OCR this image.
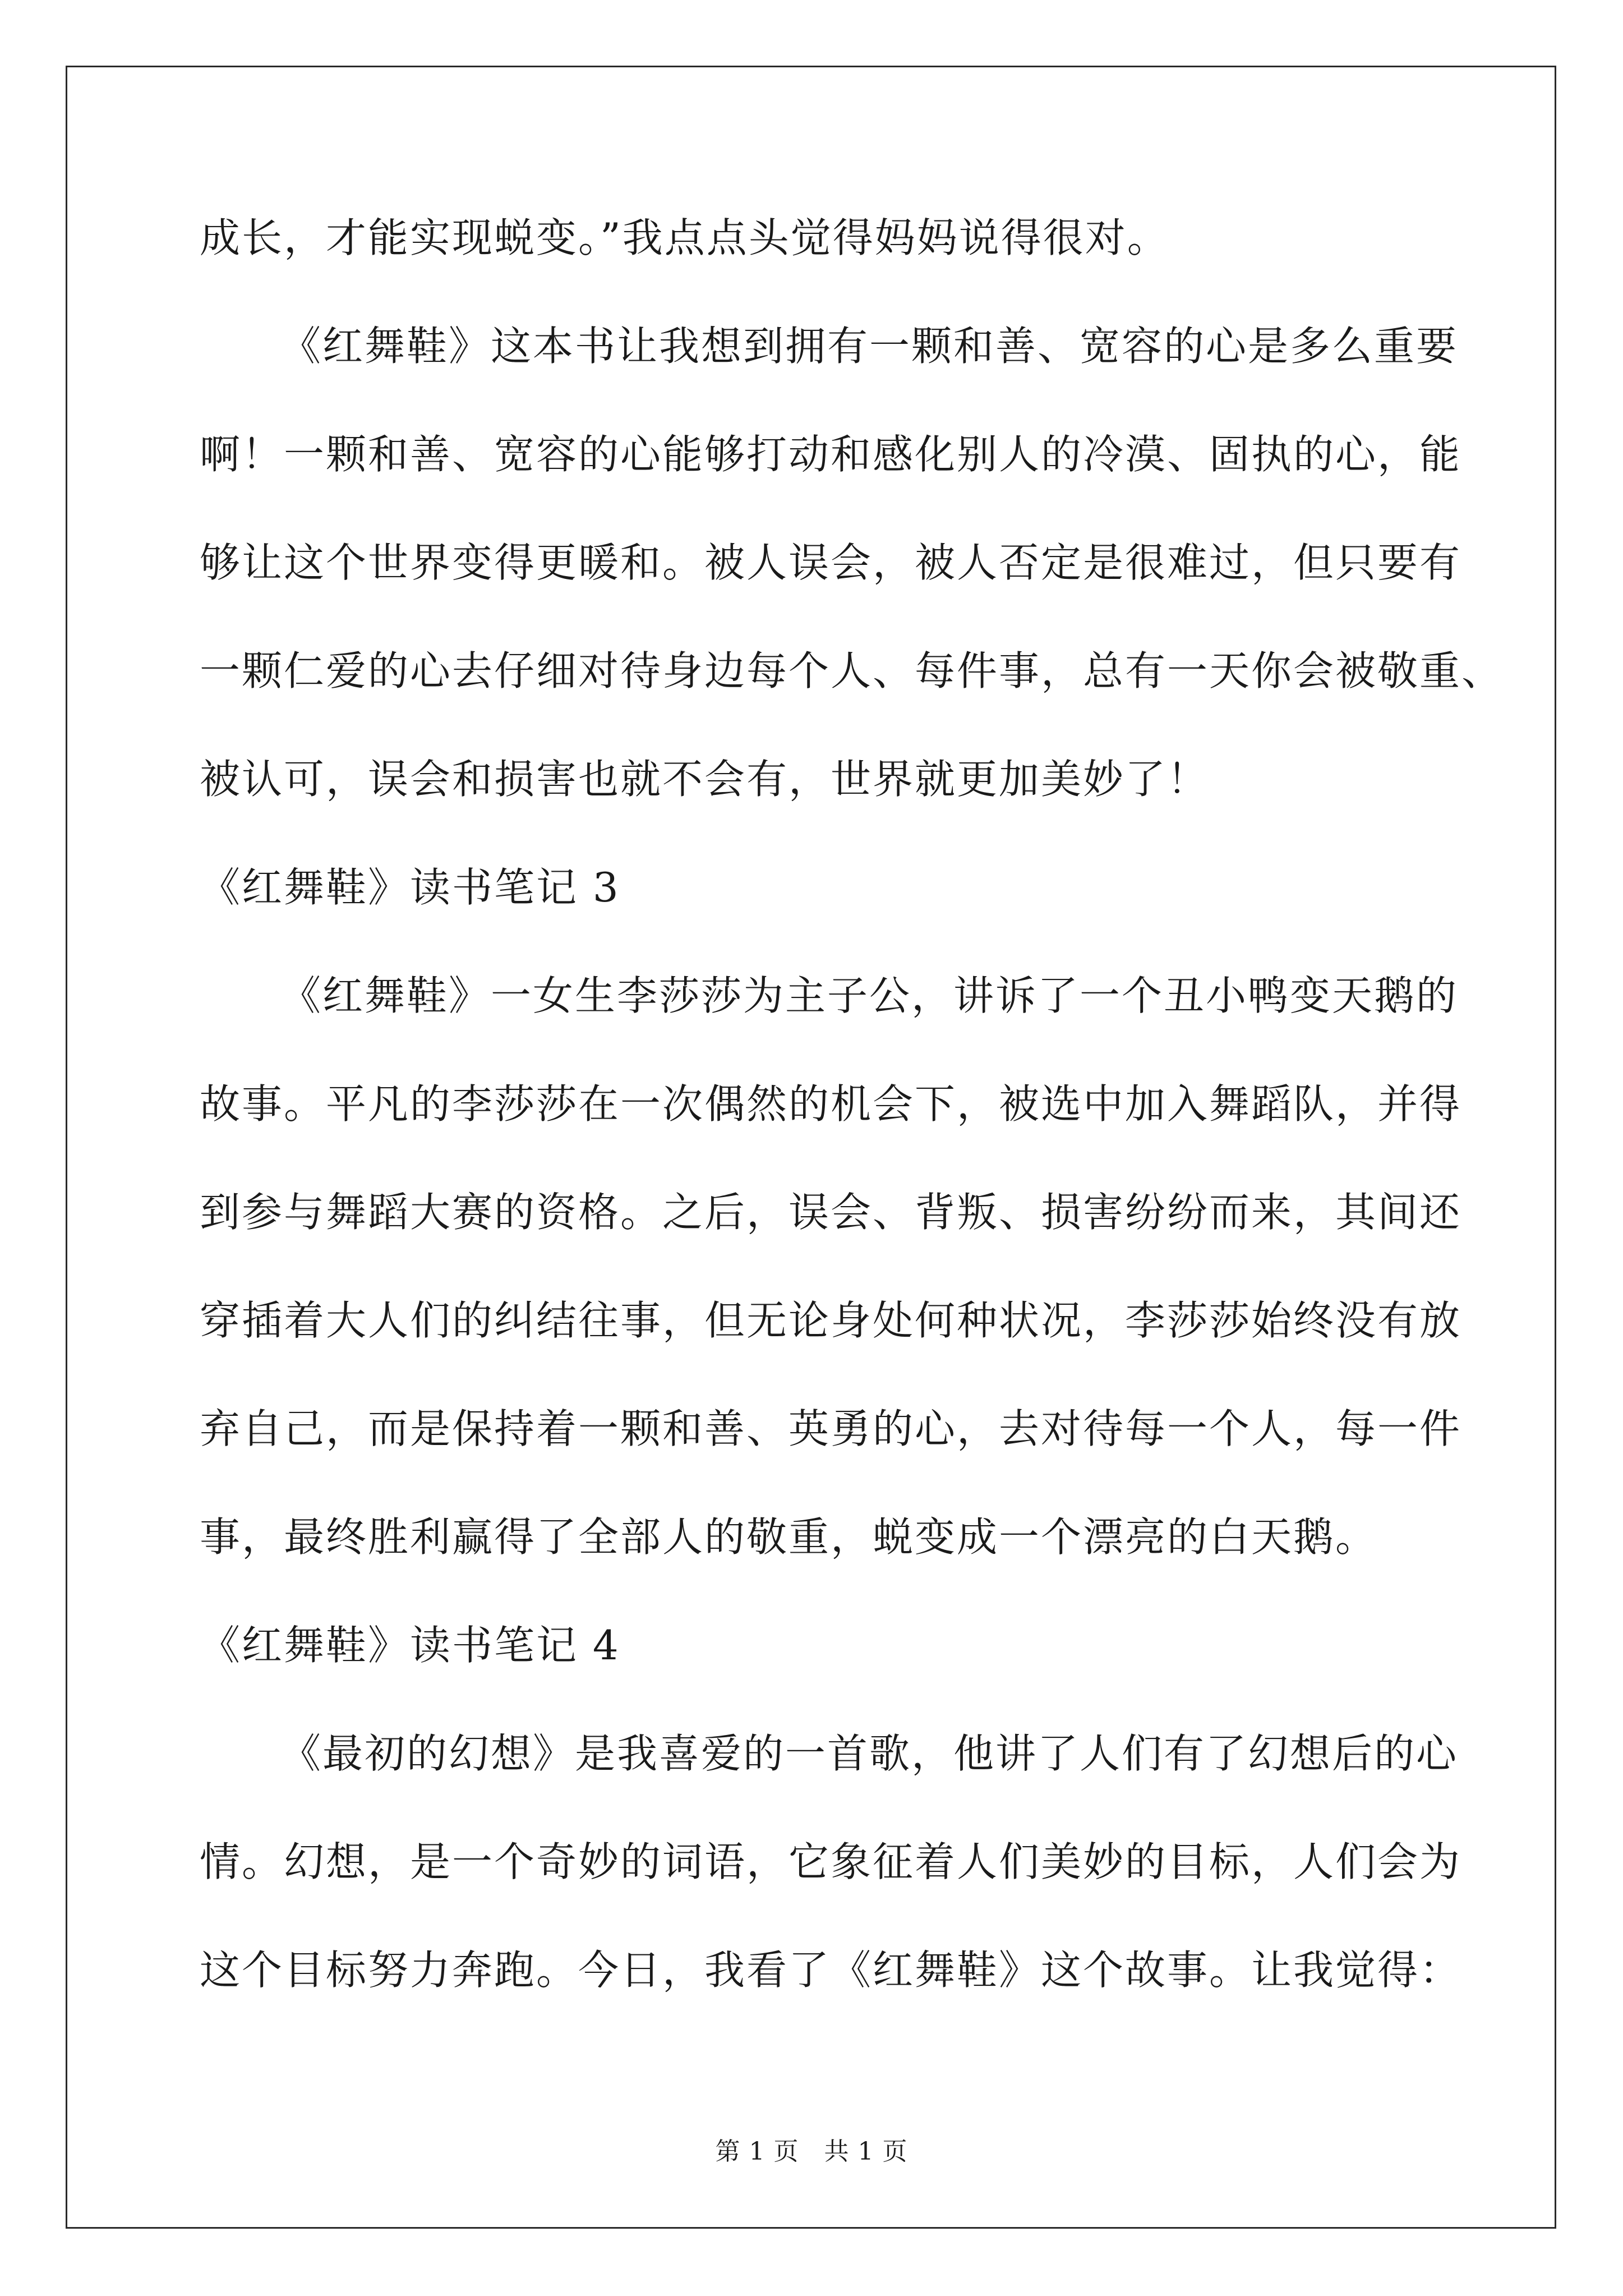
成长，才能实现蜕变。”我点点头觉得妈妈说得很对。
《红舞鞋》这本书让我想到拥有一颗和善、宽容的心是多么重要
啊！一颗和善、宽容的心能够打动和感化别人的冷漠、固执的心，能
够让这个世界变得更暖和。被人误会，被人否定是很难过，但只要有
一颗仁爱的心去仔细对待身边每个人、每件事，总有一天你会被敬重、
被认可，误会和损害也就不会有，世界就更加美妙了！
《红舞鞋》读书笔记 3
《红舞鞋》一女生李莎莎为主子公，讲诉了一个丑小鸭变天鹅的
故事。平凡的李莎莎在一次偶然的机会下，被选中加入舞蹈队，并得
到参与舞蹈大赛的资格。之后，误会、背叛、损害纷纷而来，其间还
穿插着大人们的纠结往事，但无论身处何种状况，李莎莎始终没有放
弃自己，而是保持着一颗和善、英勇的心，去对待每一个人，每一件
事，最终胜利赢得了全部人的敬重，蜕变成一个漂亮的白天鹅。
《红舞鞋》读书笔记 4
《最初的幻想》是我喜爱的一首歌，他讲了人们有了幻想后的心
情。幻想，是一个奇妙的词语，它象征着人们美妙的目标，人们会为
这个目标努力奔跑。今日，我看了《红舞鞋》这个故事。让我觉得：
第 1 页　共 1 页
